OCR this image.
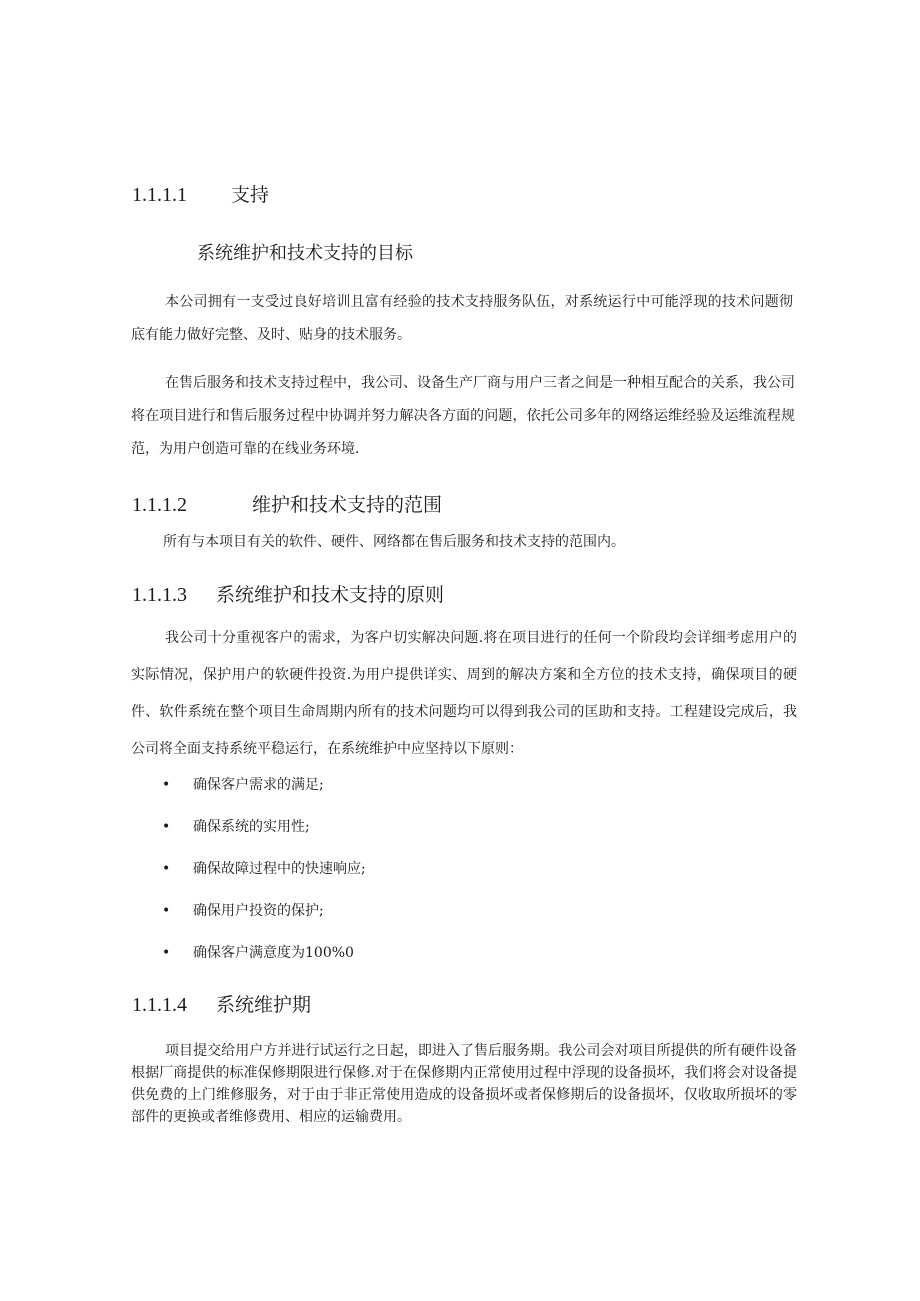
1.1.1.1 支持
系统维护和技术支持的目标
本公司拥有一支受过良好培训且富有经验的技术支持服务队伍，对系统运行中可能浮现的技术问题彻底有能力做好完整、及时、贴身的技术服务。
在售后服务和技术支持过程中，我公司、设备生产厂商与用户三者之间是一种相互配合的关系，我公司将在项目进行和售后服务过程中协调并努力解决各方面的问题，依托公司多年的网络运维经验及运维流程规范，为用户创造可靠的在线业务环境.
1.1.1.2	维护和技术支持的范围
所有与本项目有关的软件、硬件、网络都在售后服务和技术支持的范围内。
1.1.1.3 系统维护和技术支持的原则
我公司十分重视客户的需求，为客户切实解决问题.将在项目进行的任何一个阶段均会详细考虑用户的实际情况，保护用户的软硬件投资.为用户提供详实、周到的解决方案和全方位的技术支持，确保项目的硬件、软件系统在整个项目生命周期内所有的技术问题均可以得到我公司的匡助和支持。工程建设完成后，我公司将全面支持系统平稳运行，在系统维护中应坚持以下原则：
• 确保客户需求的满足;
• 确保系统的实用性;
• 确保故障过程中的快速响应;
• 确保用户投资的保护;
• 确保客户满意度为100%0
1.1.1.4 系统维护期
项目提交给用户方并进行试运行之日起，即进入了售后服务期。我公司会对项目所提供的所有硬件设备根据厂商提供的标准保修期限进行保修.对于在保修期内正常使用过程中浮现的设备损坏，我们将会对设备提供免费的上门维修服务，对于由于非正常使用造成的设备损坏或者保修期后的设备损坏，仅收取所损坏的零部件的更换或者维修费用、相应的运输费用。
